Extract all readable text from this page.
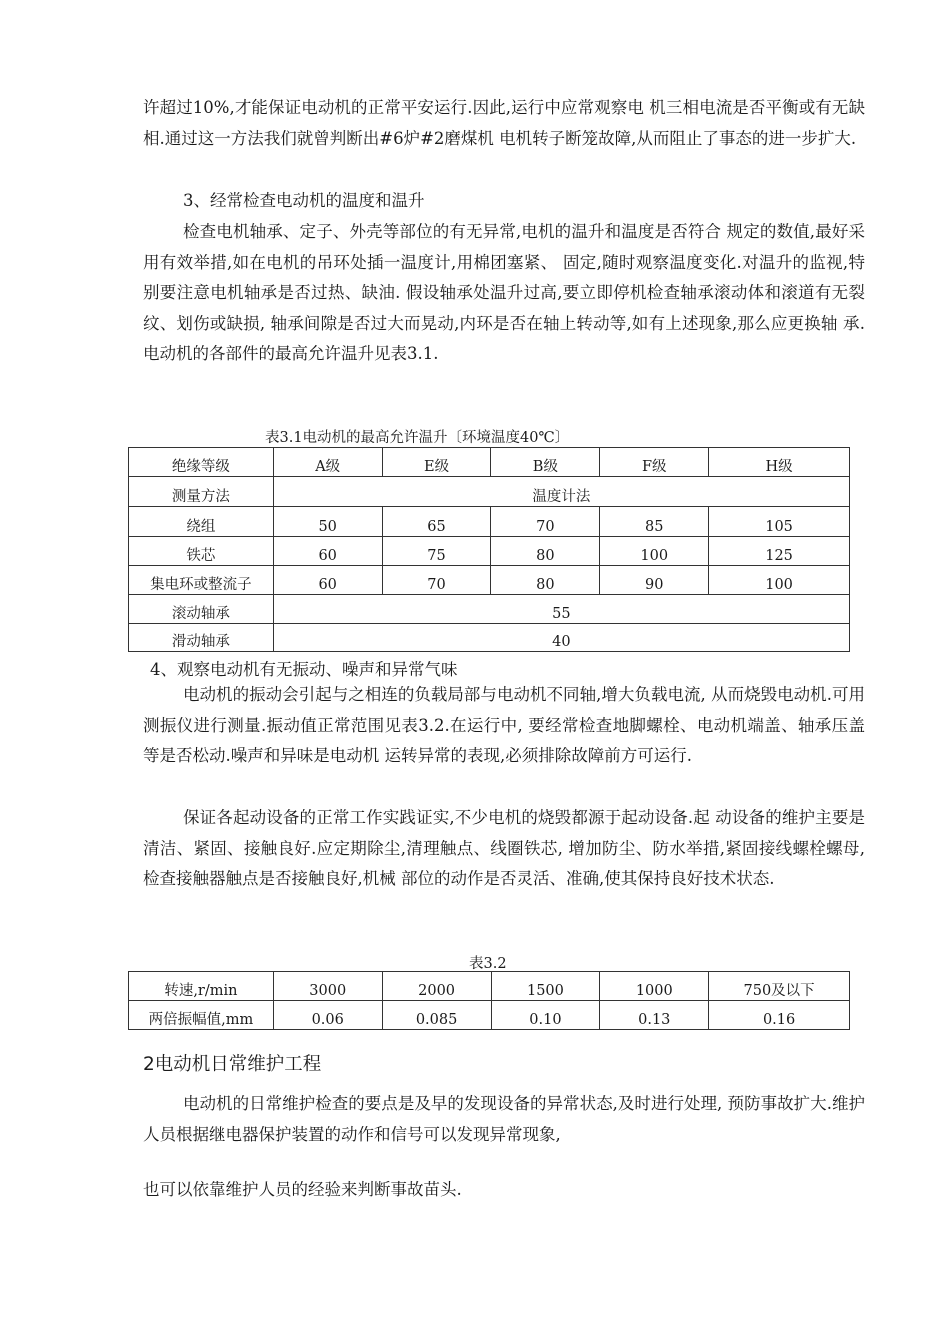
许超过10%,才能保证电动机的正常平安运行.因此,运行中应常观察电 机三相电流是否平衡或有无缺相.通过这一方法我们就曾判断出#6炉#2磨煤机 电机转子断笼故障,从而阻止了事态的进一步扩大.

3、经常检查电动机的温度和温升

检查电机轴承、定子、外壳等部位的有无异常,电机的温升和温度是否符合 规定的数值,最好采用有效举措,如在电机的吊环处插一温度计,用棉团塞紧、 固定,随时观察温度变化.对温升的监视,特别要注意电机轴承是否过热、缺油. 假设轴承处温升过高,要立即停机检查轴承滚动体和滚道有无裂纹、划伤或缺损, 轴承间隙是否过大而晃动,内环是否在轴上转动等,如有上述现象,那么应更换轴 承.电动机的各部件的最高允许温升见表3.1.

表3.1电动机的最高允许温升〔环境温度40℃〕

绝缘等级	A级	E级	B级	F级	H级

测量方法	温度计法				

绕组	50	65	70	85	105

铁芯	60	75	80	100	125

集电环或整流子	60	70	80	90	100

滚动轴承	55				

滑动轴承	40				

4、观察电动机有无振动、噪声和异常气味

电动机的振动会引起与之相连的负载局部与电动机不同轴,增大负载电流, 从而烧毁电动机.可用测振仪进行测量.振动值正常范围见表3.2.在运行中, 要经常检查地脚螺栓、电动机端盖、轴承压盖等是否松动.噪声和异味是电动机 运转异常的表现,必须排除故障前方可运行.

保证各起动设备的正常工作实践证实,不少电机的烧毁都源于起动设备.起 动设备的维护主要是清洁、紧固、接触良好.应定期除尘,清理触点、线圈铁芯, 增加防尘、防水举措,紧固接线螺栓螺母,检查接触器触点是否接触良好,机械 部位的动作是否灵活、准确,使其保持良好技术状态.

表3.2

转速,r/min	3000	2000	1500	1000	750及以下

两倍振幅值,mm	0.06	0.085	0.10	0.13	0.16

2电动机日常维护工程

电动机的日常维护检查的要点是及早的发现设备的异常状态,及时进行处理, 预防事故扩大.维护人员根据继电器保护装置的动作和信号可以发现异常现象,

也可以依靠维护人员的经验来判断事故苗头.
